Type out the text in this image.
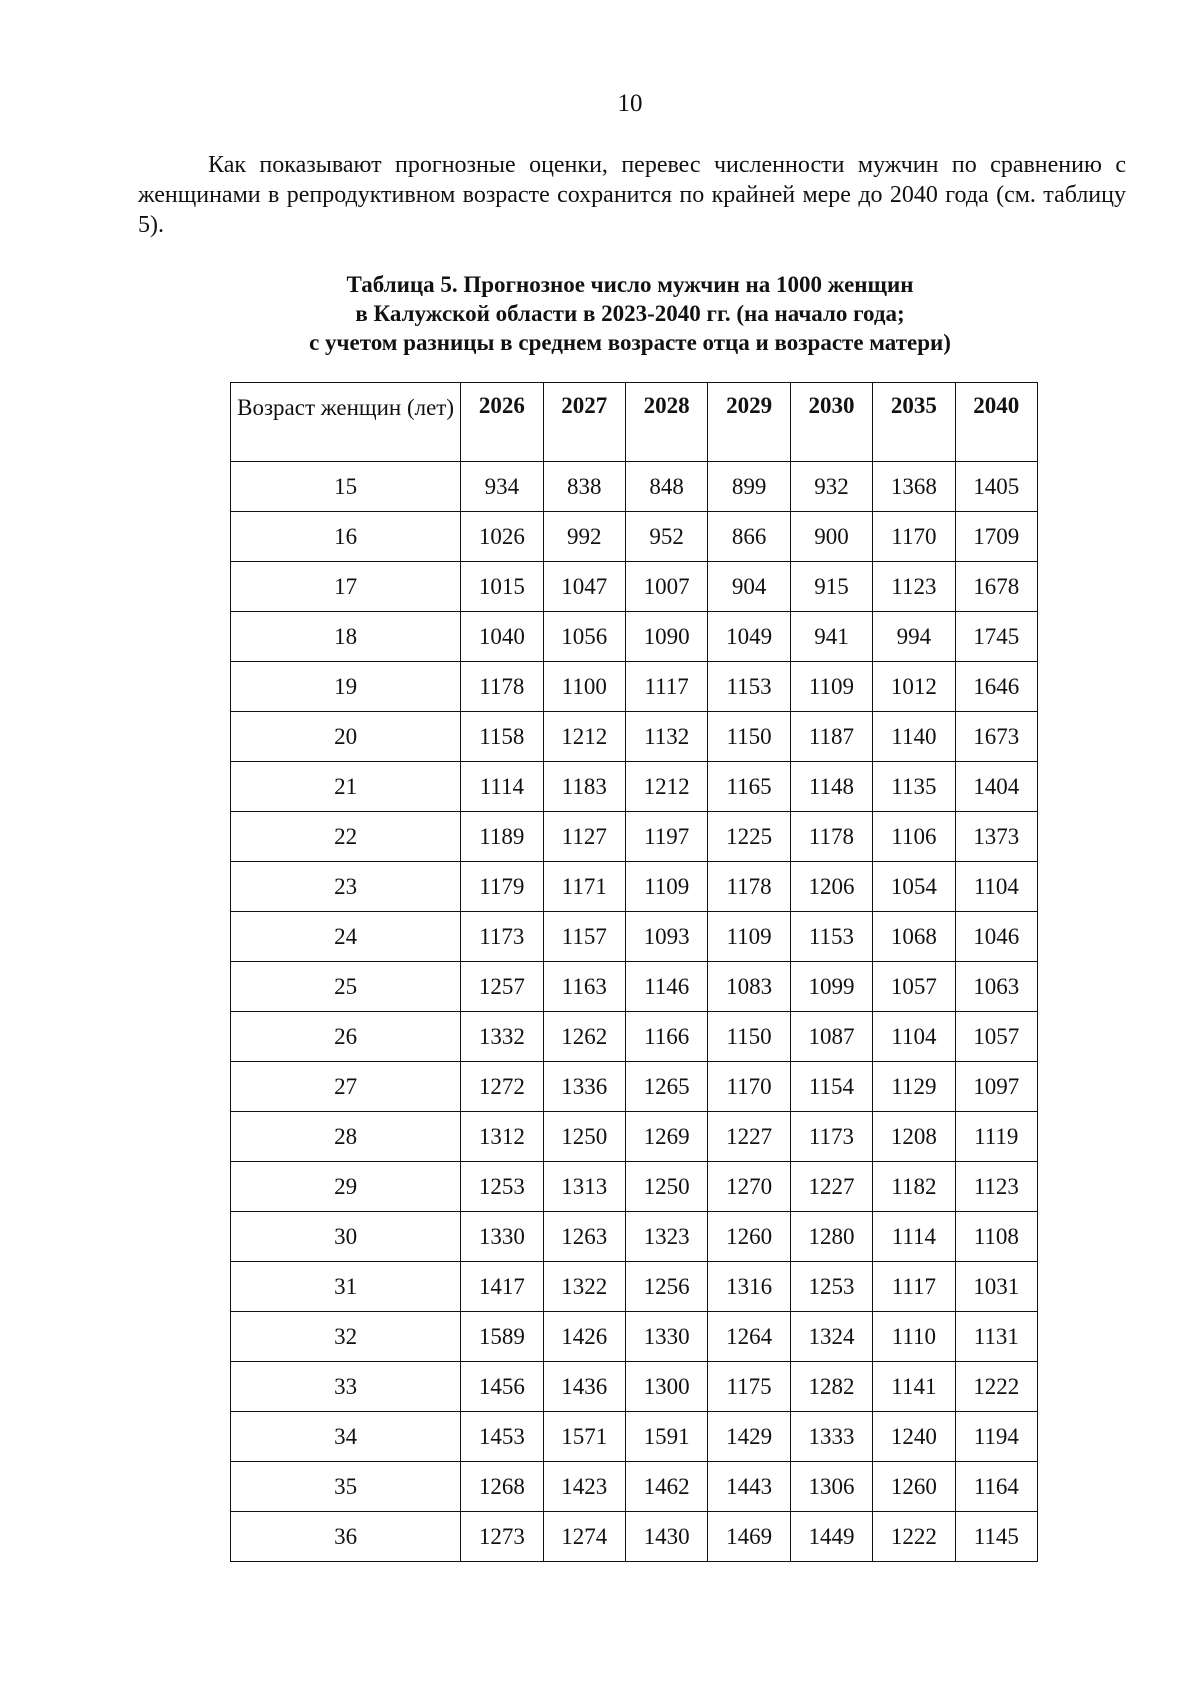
10

Как показывают прогнозные оценки, перевес численности мужчин по сравнению с женщинами в репродуктивном возрасте сохранится по крайней мере до 2040 года (см. таблицу 5).

Таблица 5. Прогнозное число мужчин на 1000 женщин
в Калужской области в 2023-2040 гг. (на начало года;
с учетом разницы в среднем возрасте отца и возрасте матери)
Возраст женщин (лет)	2026	2027	2028	2029	2030	2035	2040
15	934	838	848	899	932	1368	1405
16	1026	992	952	866	900	1170	1709
17	1015	1047	1007	904	915	1123	1678
18	1040	1056	1090	1049	941	994	1745
19	1178	1100	1117	1153	1109	1012	1646
20	1158	1212	1132	1150	1187	1140	1673
21	1114	1183	1212	1165	1148	1135	1404
22	1189	1127	1197	1225	1178	1106	1373
23	1179	1171	1109	1178	1206	1054	1104
24	1173	1157	1093	1109	1153	1068	1046
25	1257	1163	1146	1083	1099	1057	1063
26	1332	1262	1166	1150	1087	1104	1057
27	1272	1336	1265	1170	1154	1129	1097
28	1312	1250	1269	1227	1173	1208	1119
29	1253	1313	1250	1270	1227	1182	1123
30	1330	1263	1323	1260	1280	1114	1108
31	1417	1322	1256	1316	1253	1117	1031
32	1589	1426	1330	1264	1324	1110	1131
33	1456	1436	1300	1175	1282	1141	1222
34	1453	1571	1591	1429	1333	1240	1194
35	1268	1423	1462	1443	1306	1260	1164
36	1273	1274	1430	1469	1449	1222	1145
